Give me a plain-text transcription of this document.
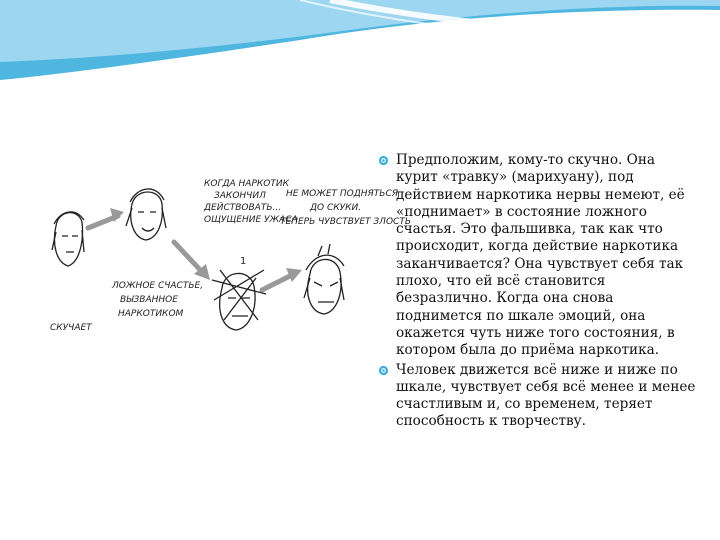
КОГДА НАРКОТИК
ЗАКОНЧИЛ
ДЕЙСТВОВАТЬ...
ОЩУЩЕНИЕ УЖАСА
НЕ МОЖЕТ ПОДНЯТЬСЯ
ДО СКУКИ.
ТЕПЕРЬ ЧУВСТВУЕТ ЗЛОСТЬ
ЛОЖНОЕ СЧАСТЬЕ,
ВЫЗВАННОЕ
НАРКОТИКОМ
СКУЧАЕТ
1
Предположим, кому-то скучно. Она курит «травку» (марихуану), под действием наркотика нервы немеют, её «поднимает» в состояние ложного счастья. Это фальшивка, так как что происходит, когда действие наркотика заканчивается? Она чувствует себя так плохо, что ей всё становится безразлично. Когда она снова поднимется по шкале эмоций, она окажется чуть ниже того состояния, в котором была до приёма наркотика.
Человек движется всё ниже и ниже по шкале, чувствует себя всё менее и менее счастливым и, со временем, теряет способность к творчеству.
